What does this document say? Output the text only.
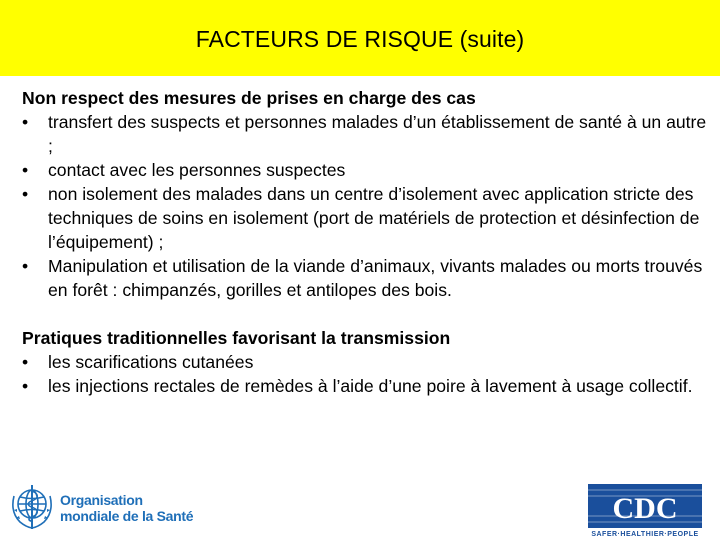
FACTEURS DE RISQUE (suite)
Non respect des mesures de prises en charge des cas
• transfert des suspects et personnes malades d’un établissement de santé à un autre ;
• contact avec les personnes suspectes
• non isolement des malades dans un centre d’isolement avec application stricte des techniques de soins en isolement (port de matériels de protection et désinfection de l’équipement) ;
• Manipulation et utilisation de la viande d’animaux, vivants malades ou morts trouvés en forêt : chimpanzés, gorilles et antilopes des bois.
Pratiques traditionnelles favorisant la transmission
• les scarifications cutanées
• les injections rectales de remèdes à l’aide d’une poire à lavement à usage collectif.
Organisation
mondiale de la Santé	CDC
SAFER·HEALTHIER·PEOPLE
